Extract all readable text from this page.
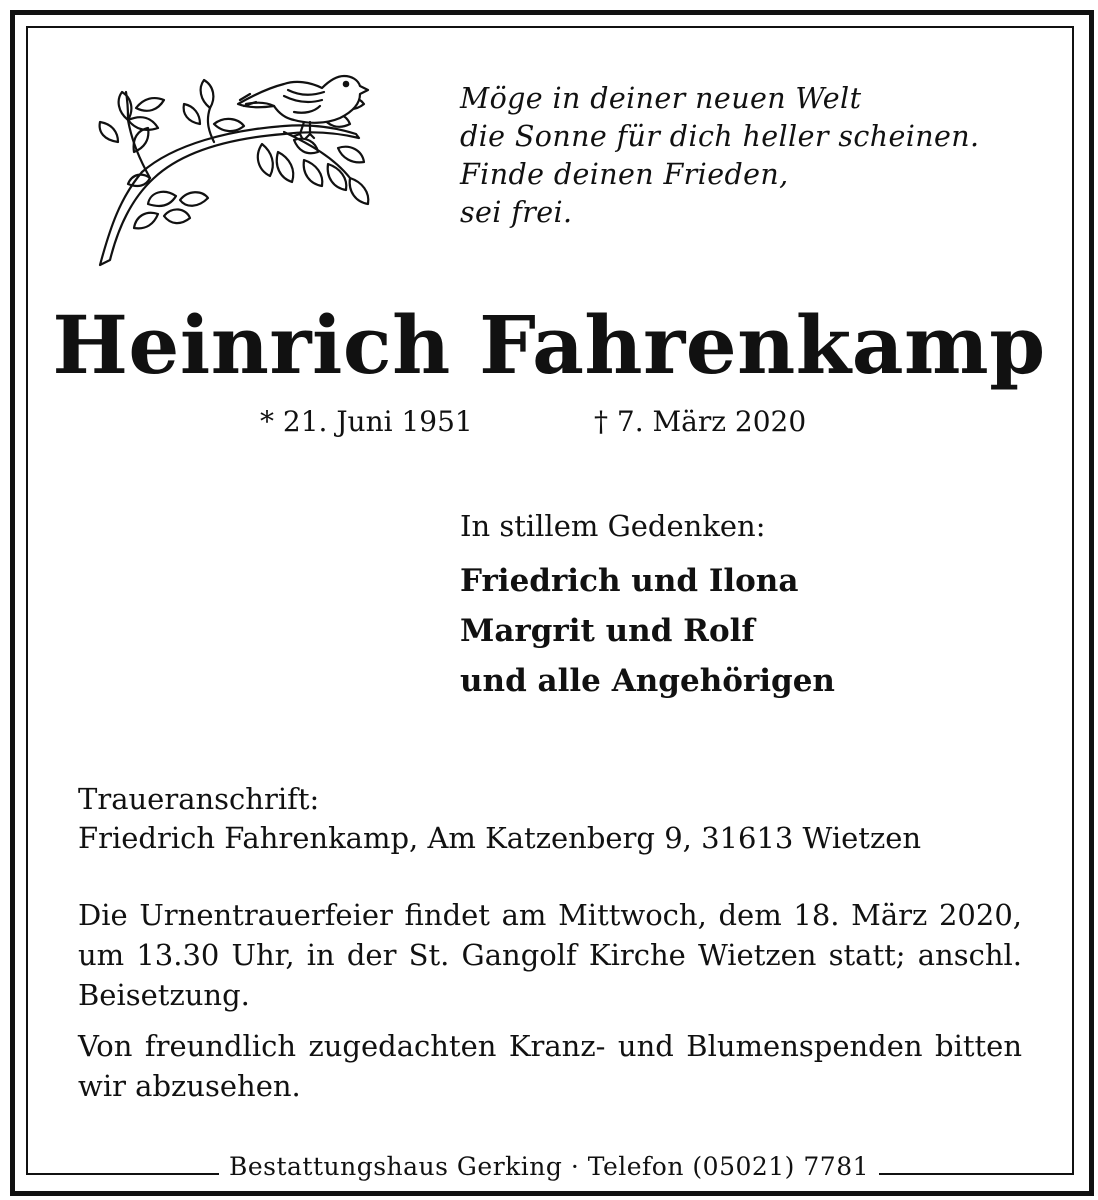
Möge in deiner neuen Welt
die Sonne für dich heller scheinen.
Finde deinen Frieden,
sei frei.
Heinrich Fahrenkamp
* 21. Juni 1951	† 7. März 2020
In stillem Gedenken:
Friedrich und Ilona
Margrit und Rolf
und alle Angehörigen
Traueranschrift:
Friedrich Fahrenkamp, Am Katzenberg 9, 31613 Wietzen
Die Urnentrauerfeier findet am Mittwoch, dem 18. März 2020, um 13.30 Uhr, in der St. Gangolf Kirche Wietzen statt; anschl. Beisetzung.
Von freundlich zugedachten Kranz- und Blumenspenden bitten wir abzusehen.
Bestattungshaus Gerking · Telefon (05021) 7781
